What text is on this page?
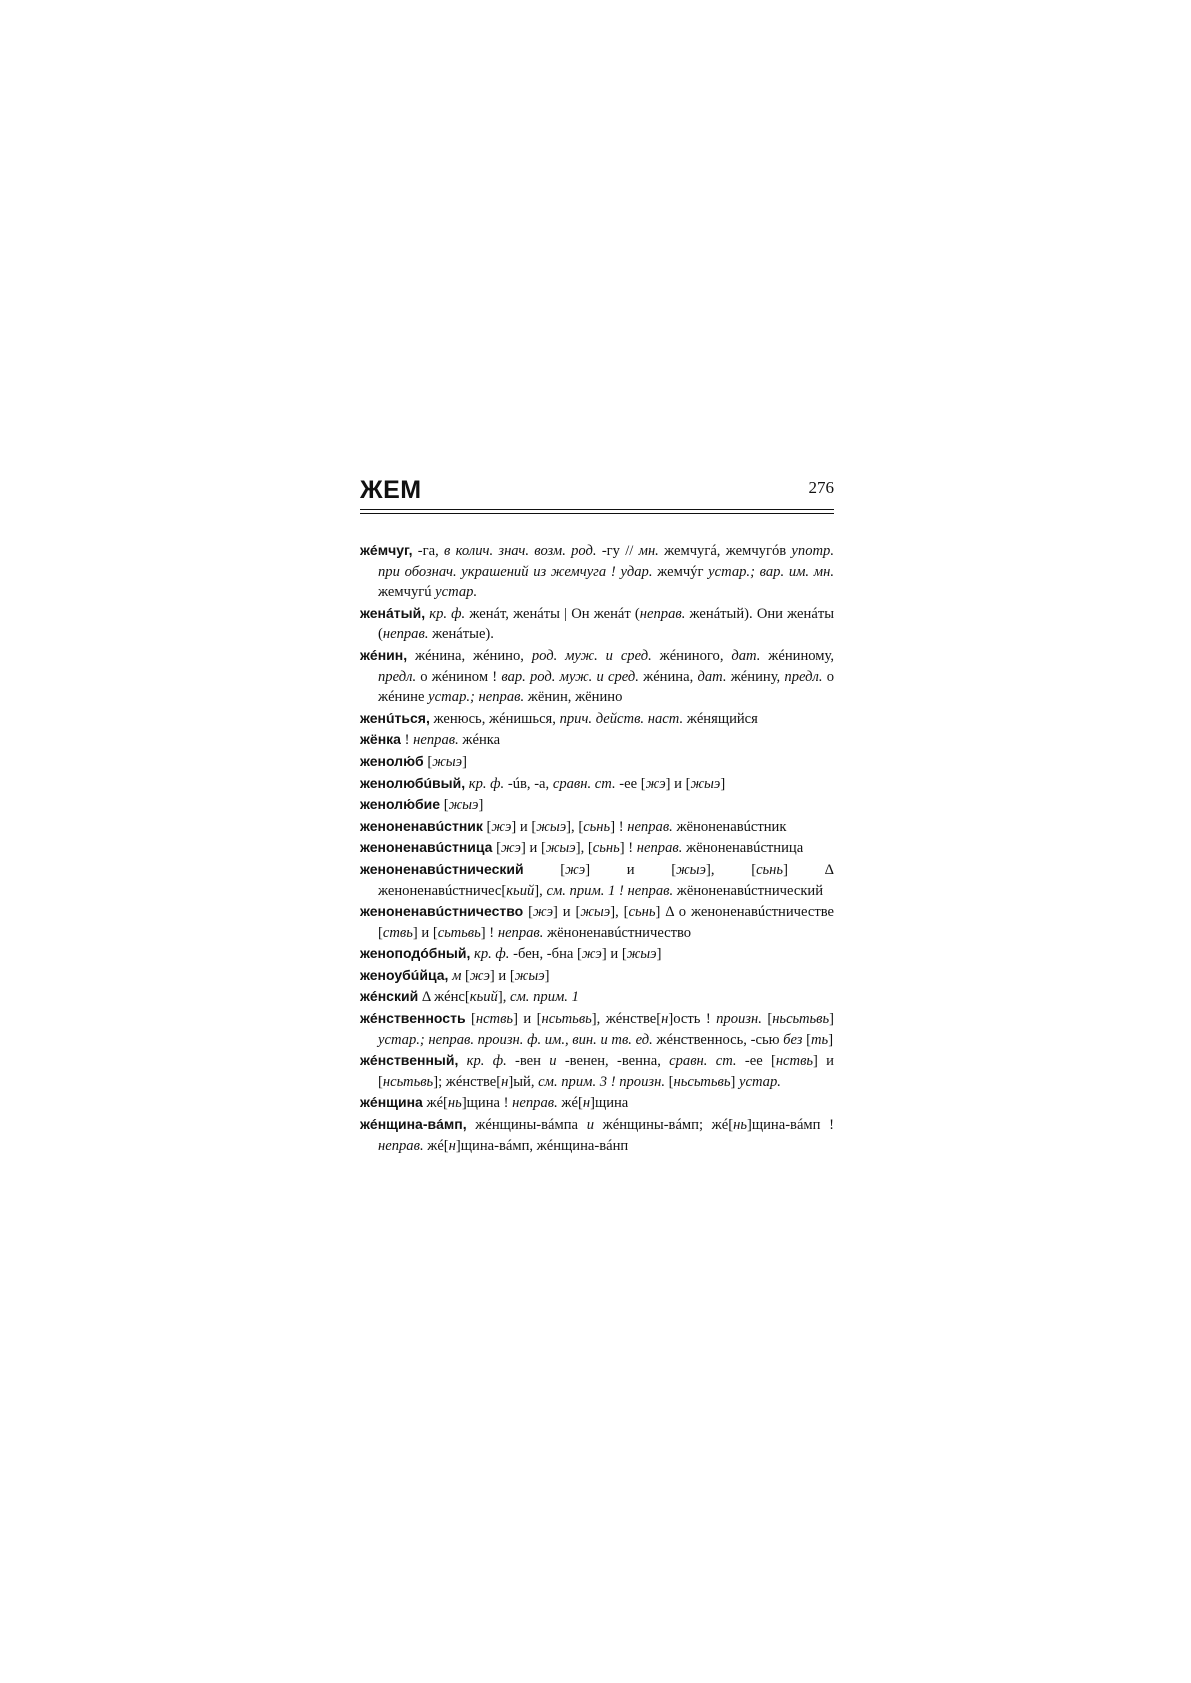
ЖЕМ	276

жéмчуг, -га, в колич. знач. возм. род. -гу // мн. жемчугá, жемчугóв употр. при обознач. украшений из жемчуга ! удар. жемчýг устар.; вар. им. мн. жемчугú устар.

женáтый, кр. ф. женáт, женáты | Он женáт (неправ. женáтый). Они женáты (неправ. женáтые).

жéнин, жéнина, жéнино, род. муж. и сред. жéниного, дат. жéниному, предл. о жéнином ! вар. род. муж. и сред. жéнина, дат. жéнину, предл. о жéнине устар.; неправ. жёнин, жёнино

женúться, женюсь, жéнишься, прич. действ. наст. жéнящийся

жёнка ! неправ. жéнка

женолю́б [жыэ]

женолюбúвый, кр. ф. -úв, -а, сравн. ст. -ее [жэ] и [жыэ]

женолю́бие [жыэ]

женоненавúстник [жэ] и [жыэ], [сьнь] ! неправ. жёноненавúстник

женоненавúстница [жэ] и [жыэ], [сьнь] ! неправ. жёноненавúстница

женоненавúстнический [жэ] и [жыэ], [сьнь] Δ женоненавúстничес[кьий], см. прим. 1 ! неправ. жёноненавúстнический

женоненавúстничество [жэ] и [жыэ], [сьнь] Δ о женоненавúстничестве [ствь] и [сьтьвь] ! неправ. жёноненавúстничество

женоподóбный, кр. ф. -бен, -бна [жэ] и [жыэ]

женоубúйца, м [жэ] и [жыэ]

жéнский Δ жéнс[кьий], см. прим. 1

жéнственность [нствь] и [нсьтьвь], жéнстве[н]ость ! произн. [ньсьтьвь] устар.; неправ. произн. ф. им., вин. и тв. ед. жéнственнось, -сью без [ть]

жéнственный, кр. ф. -вен и -венен, -венна, сравн. ст. -ее [нствь] и [нсьтьвь]; жéнстве[н]ый, см. прим. 3 ! произн. [ньсьтьвь] устар.

жéнщина жé[нь]щина ! неправ. жé[н]щина

жéнщина-вáмп, жéнщины-вáмпа и жéнщины-вáмп; жé[нь]щина-вáмп ! неправ. жé[н]щина-вáмп, жéнщина-вáнп
